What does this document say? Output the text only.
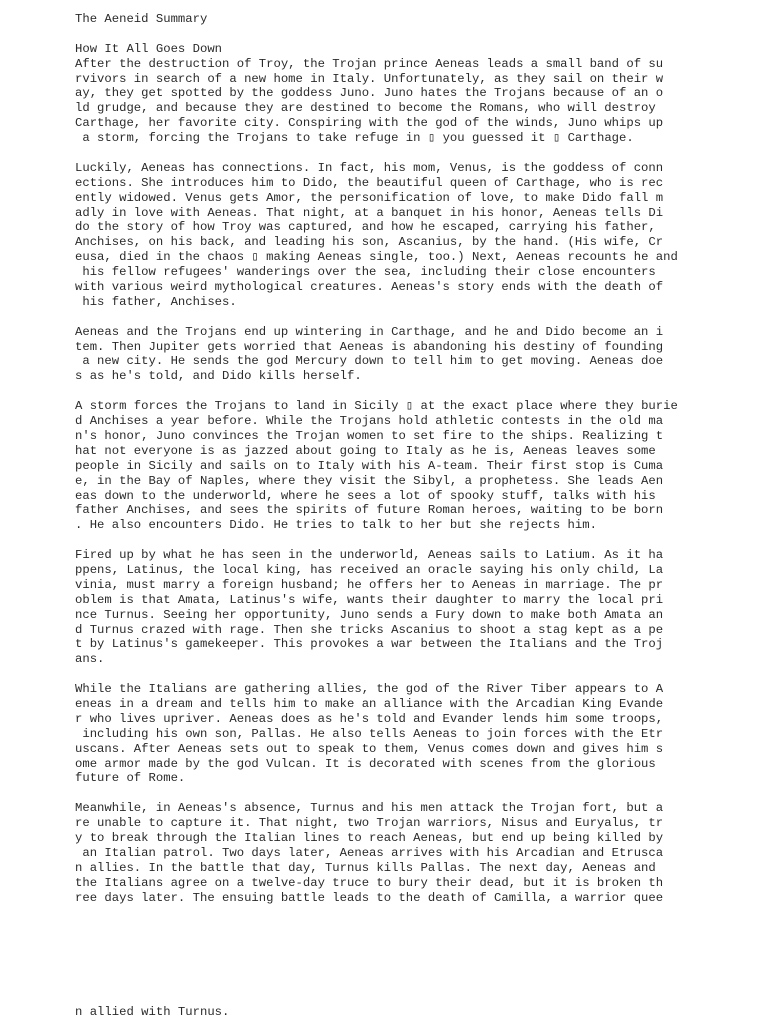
The Aeneid Summary
How It All Goes Down
After the destruction of Troy, the Trojan prince Aeneas leads a small band of su
rvivors in search of a new home in Italy. Unfortunately, as they sail on their w
ay, they get spotted by the goddess Juno. Juno hates the Trojans because of an o
ld grudge, and because they are destined to become the Romans, who will destroy
Carthage, her favorite city. Conspiring with the god of the winds, Juno whips up
a storm, forcing the Trojans to take refuge in ▯ you guessed it ▯ Carthage.
Luckily, Aeneas has connections. In fact, his mom, Venus, is the goddess of conn
ections. She introduces him to Dido, the beautiful queen of Carthage, who is rec
ently widowed. Venus gets Amor, the personification of love, to make Dido fall m
adly in love with Aeneas. That night, at a banquet in his honor, Aeneas tells Di
do the story of how Troy was captured, and how he escaped, carrying his father,
Anchises, on his back, and leading his son, Ascanius, by the hand. (His wife, Cr
eusa, died in the chaos ▯ making Aeneas single, too.) Next, Aeneas recounts he and
his fellow refugees' wanderings over the sea, including their close encounters
with various weird mythological creatures. Aeneas's story ends with the death of
his father, Anchises.
Aeneas and the Trojans end up wintering in Carthage, and he and Dido become an i
tem. Then Jupiter gets worried that Aeneas is abandoning his destiny of founding
a new city. He sends the god Mercury down to tell him to get moving. Aeneas doe
s as he's told, and Dido kills herself.
A storm forces the Trojans to land in Sicily ▯ at the exact place where they burie
d Anchises a year before. While the Trojans hold athletic contests in the old ma
n's honor, Juno convinces the Trojan women to set fire to the ships. Realizing t
hat not everyone is as jazzed about going to Italy as he is, Aeneas leaves some
people in Sicily and sails on to Italy with his A-team. Their first stop is Cuma
e, in the Bay of Naples, where they visit the Sibyl, a prophetess. She leads Aen
eas down to the underworld, where he sees a lot of spooky stuff, talks with his
father Anchises, and sees the spirits of future Roman heroes, waiting to be born
. He also encounters Dido. He tries to talk to her but she rejects him.
Fired up by what he has seen in the underworld, Aeneas sails to Latium. As it ha
ppens, Latinus, the local king, has received an oracle saying his only child, La
vinia, must marry a foreign husband; he offers her to Aeneas in marriage. The pr
oblem is that Amata, Latinus's wife, wants their daughter to marry the local pri
nce Turnus. Seeing her opportunity, Juno sends a Fury down to make both Amata an
d Turnus crazed with rage. Then she tricks Ascanius to shoot a stag kept as a pe
t by Latinus's gamekeeper. This provokes a war between the Italians and the Troj
ans.
While the Italians are gathering allies, the god of the River Tiber appears to A
eneas in a dream and tells him to make an alliance with the Arcadian King Evande
r who lives upriver. Aeneas does as he's told and Evander lends him some troops,
including his own son, Pallas. He also tells Aeneas to join forces with the Etr
uscans. After Aeneas sets out to speak to them, Venus comes down and gives him s
ome armor made by the god Vulcan. It is decorated with scenes from the glorious
future of Rome.
Meanwhile, in Aeneas's absence, Turnus and his men attack the Trojan fort, but a
re unable to capture it. That night, two Trojan warriors, Nisus and Euryalus, tr
y to break through the Italian lines to reach Aeneas, but end up being killed by
an Italian patrol. Two days later, Aeneas arrives with his Arcadian and Etrusca
n allies. In the battle that day, Turnus kills Pallas. The next day, Aeneas and
the Italians agree on a twelve-day truce to bury their dead, but it is broken th
ree days later. The ensuing battle leads to the death of Camilla, a warrior quee
n allied with Turnus.
